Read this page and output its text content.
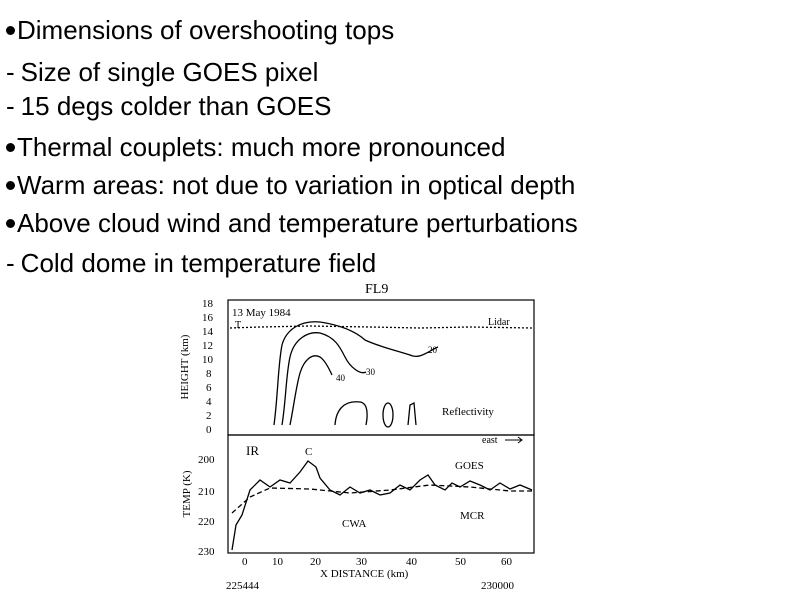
Dimensions of overshooting tops
- Size of single GOES pixel
- 15 degs colder than GOES
Thermal couplets: much more pronounced
Warm areas: not due to variation in optical depth
Above cloud wind and temperature perturbations
- Cold dome in temperature field
FL9
13 May 1984
HEIGHT (km)
18
16
14
12
10
8
6
4
2
0
T	Lidar
20
30
40
Reflectivity
TEMP (K)
200
210
220
230
IR	C
east
GOES
MCR
CWA
0 10 20	30	40	50	60
X DISTANCE (km)
225444	230000
